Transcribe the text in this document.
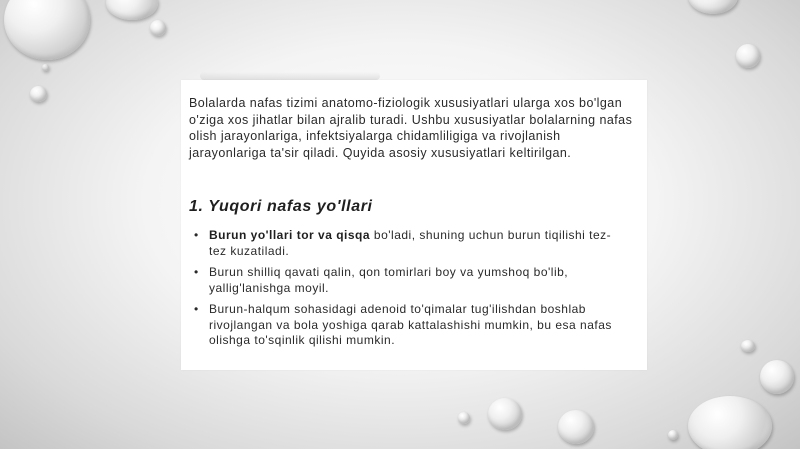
Bolalarda nafas tizimi anatomo-fiziologik xususiyatlari ularga xos bo'lgan o'ziga xos jihatlar bilan ajralib turadi. Ushbu xususiyatlar bolalarning nafas olish jarayonlariga, infektsiyalarga chidamliligiga va rivojlanish jarayonlariga ta'sir qiladi. Quyida asosiy xususiyatlari keltirilgan.

1. Yuqori nafas yo'llari
• Burun yo'llari tor va qisqa bo'ladi, shuning uchun burun tiqilishi tez-tez kuzatiladi.
• Burun shilliq qavati qalin, qon tomirlari boy va yumshoq bo'lib, yallig'lanishga moyil.
• Burun-halqum sohasidagi adenoid to'qimalar tug'ilishdan boshlab rivojlangan va bola yoshiga qarab kattalashishi mumkin, bu esa nafas olishga to'sqinlik qilishi mumkin.
